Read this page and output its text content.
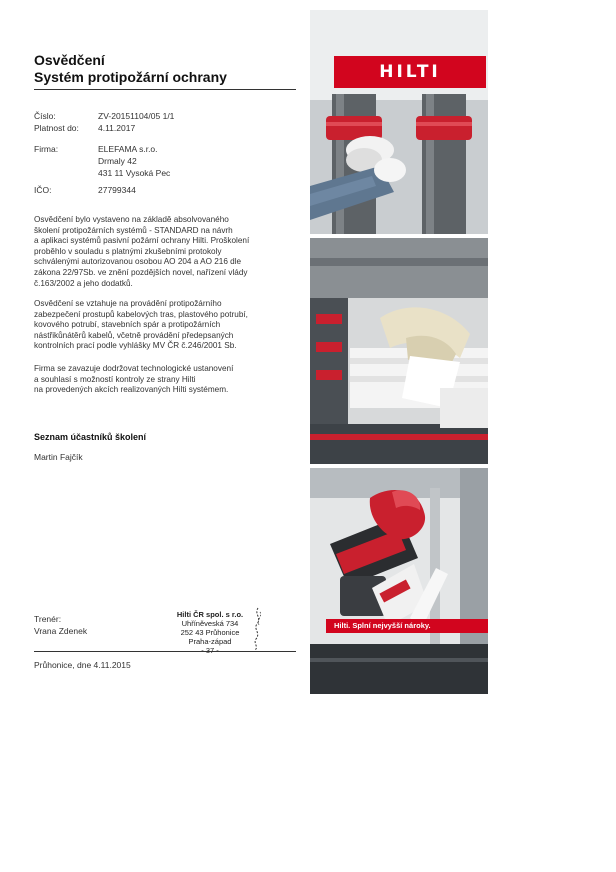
Osvědčení
Systém protipožární ochrany
Číslo:	ZV-20151104/05 1/1
Platnost do:	4.11.2017
Firma:	ELEFAMA s.r.o.
Drmaly 42
431 11 Vysoká Pec
IČO:	27799344
Osvědčení bylo vystaveno na základě absolvovaného
školení protipožárních systémů - STANDARD na návrh
a aplikaci systémů pasivní požární ochrany Hilti. Proškolení
proběhlo v souladu s platnými zkušebními protokoly
schválenými autorizovanou osobou AO 204 a AO 216 dle
zákona 22/97Sb. ve znění pozdějších novel, nařízení vlády
č.163/2002 a jeho dodatků.
Osvědčení se vztahuje na provádění protipožárního
zabezpečení prostupů kabelových tras, plastového potrubí,
kovového potrubí, stavebních spár a protipožárních
nástřikůnátěrů kabelů, včetně provádění předepsaných
kontrolních prací podle vyhlášky MV ČR č.246/2001 Sb.
Firma se zavazuje dodržovat technologické ustanovení
a souhlasí s možností kontroly ze strany Hilti
na provedených akcích realizovaných Hilti systémem.
Seznam účastníků školení
Martin Fajčík
Trenér:
Vrana Zdenek
Hilti ČR spol. s r.o.
Uhříněveská 734
252 43 Průhonice
Praha-západ
Průhonice, dne 4.11.2015
HILTI
Hilti. Splní nejvyšší nároky.
